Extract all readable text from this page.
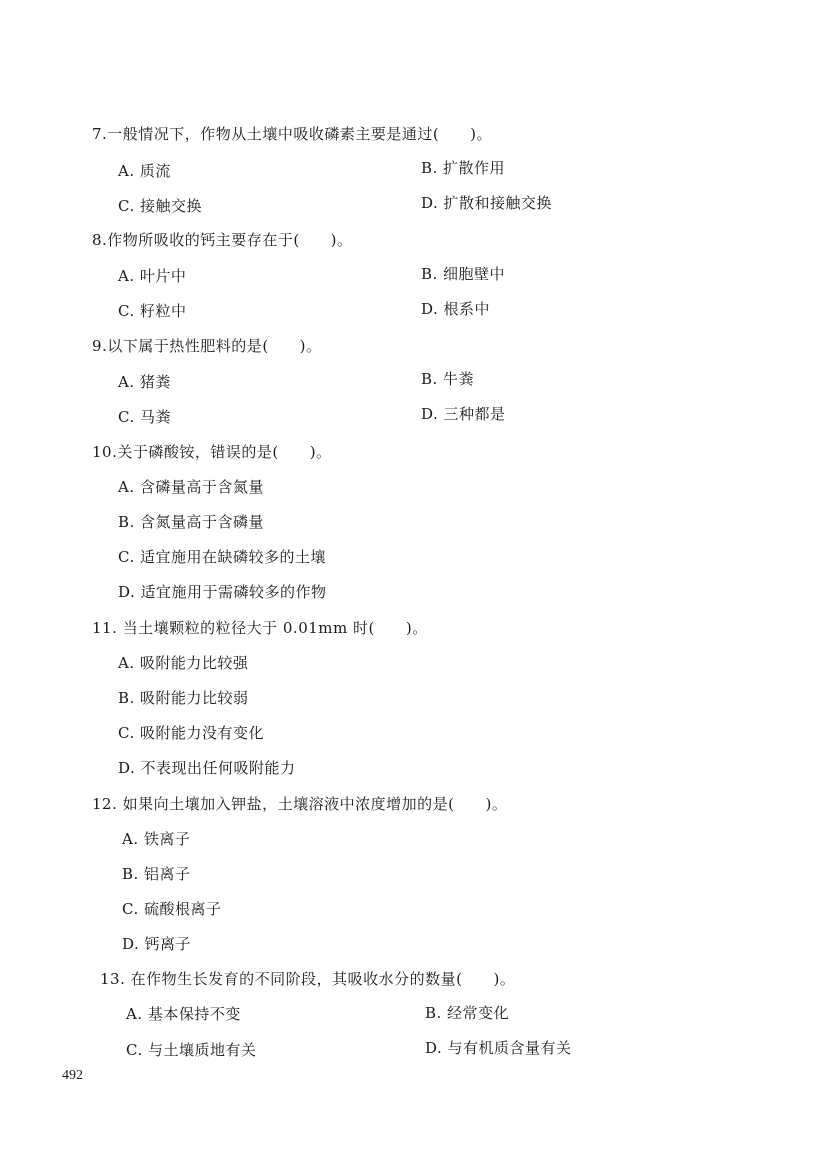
7.一般情况下，作物从土壤中吸收磷素主要是通过(　　)。
A. 质流	B. 扩散作用
C. 接触交换	D. 扩散和接触交换
8.作物所吸收的钙主要存在于(　　)。
A. 叶片中	B. 细胞壁中
C. 籽粒中	D. 根系中
9.以下属于热性肥料的是(　　)。
A. 猪粪	B. 牛粪
C. 马粪	D. 三种都是
10.关于磷酸铵，错误的是(　　)。
A. 含磷量高于含氮量
B. 含氮量高于含磷量
C. 适宜施用在缺磷较多的土壤
D. 适宜施用于需磷较多的作物
11. 当土壤颗粒的粒径大于 0.01mm 时(　　)。
A. 吸附能力比较强
B. 吸附能力比较弱
C. 吸附能力没有变化
D. 不表现出任何吸附能力
12. 如果向土壤加入钾盐，土壤溶液中浓度增加的是(　　)。
A. 铁离子
B. 铝离子
C. 硫酸根离子
D. 钙离子
13. 在作物生长发育的不同阶段，其吸收水分的数量(　　)。
A. 基本保持不变	B. 经常变化
C. 与土壤质地有关	D. 与有机质含量有关
492
